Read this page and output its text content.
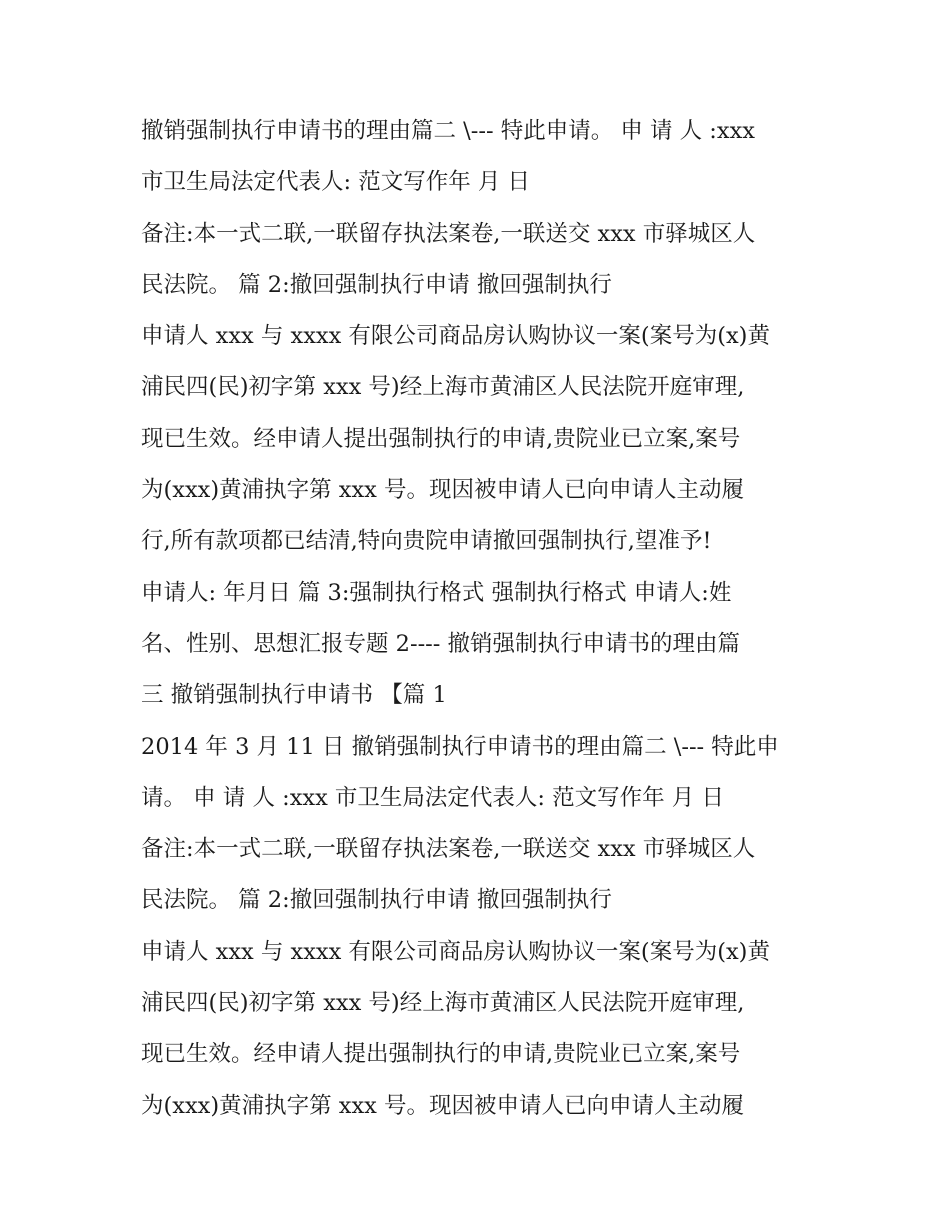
撤销强制执行申请书的理由篇二 \--- 特此申请。 申 请 人 :xxx
市卫生局法定代表人: 范文写作年 月 日
备注:本一式二联,一联留存执法案卷,一联送交 xxx 市驿城区人
民法院。 篇 2:撤回强制执行申请 撤回强制执行
申请人 xxx 与 xxxx 有限公司商品房认购协议一案(案号为(x)黄
浦民四(民)初字第 xxx 号)经上海市黄浦区人民法院开庭审理,
现已生效。经申请人提出强制执行的申请,贵院业已立案,案号
为(xxx)黄浦执字第 xxx 号。现因被申请人已向申请人主动履
行,所有款项都已结清,特向贵院申请撤回强制执行,望准予!
申请人: 年月日 篇 3:强制执行格式 强制执行格式 申请人:姓
名、性别、思想汇报专题 2---- 撤销强制执行申请书的理由篇
三 撤销强制执行申请书 【篇 1
2014 年 3 月 11 日 撤销强制执行申请书的理由篇二 \--- 特此申
请。 申 请 人 :xxx 市卫生局法定代表人: 范文写作年 月 日
备注:本一式二联,一联留存执法案卷,一联送交 xxx 市驿城区人
民法院。 篇 2:撤回强制执行申请 撤回强制执行
申请人 xxx 与 xxxx 有限公司商品房认购协议一案(案号为(x)黄
浦民四(民)初字第 xxx 号)经上海市黄浦区人民法院开庭审理,
现已生效。经申请人提出强制执行的申请,贵院业已立案,案号
为(xxx)黄浦执字第 xxx 号。现因被申请人已向申请人主动履
